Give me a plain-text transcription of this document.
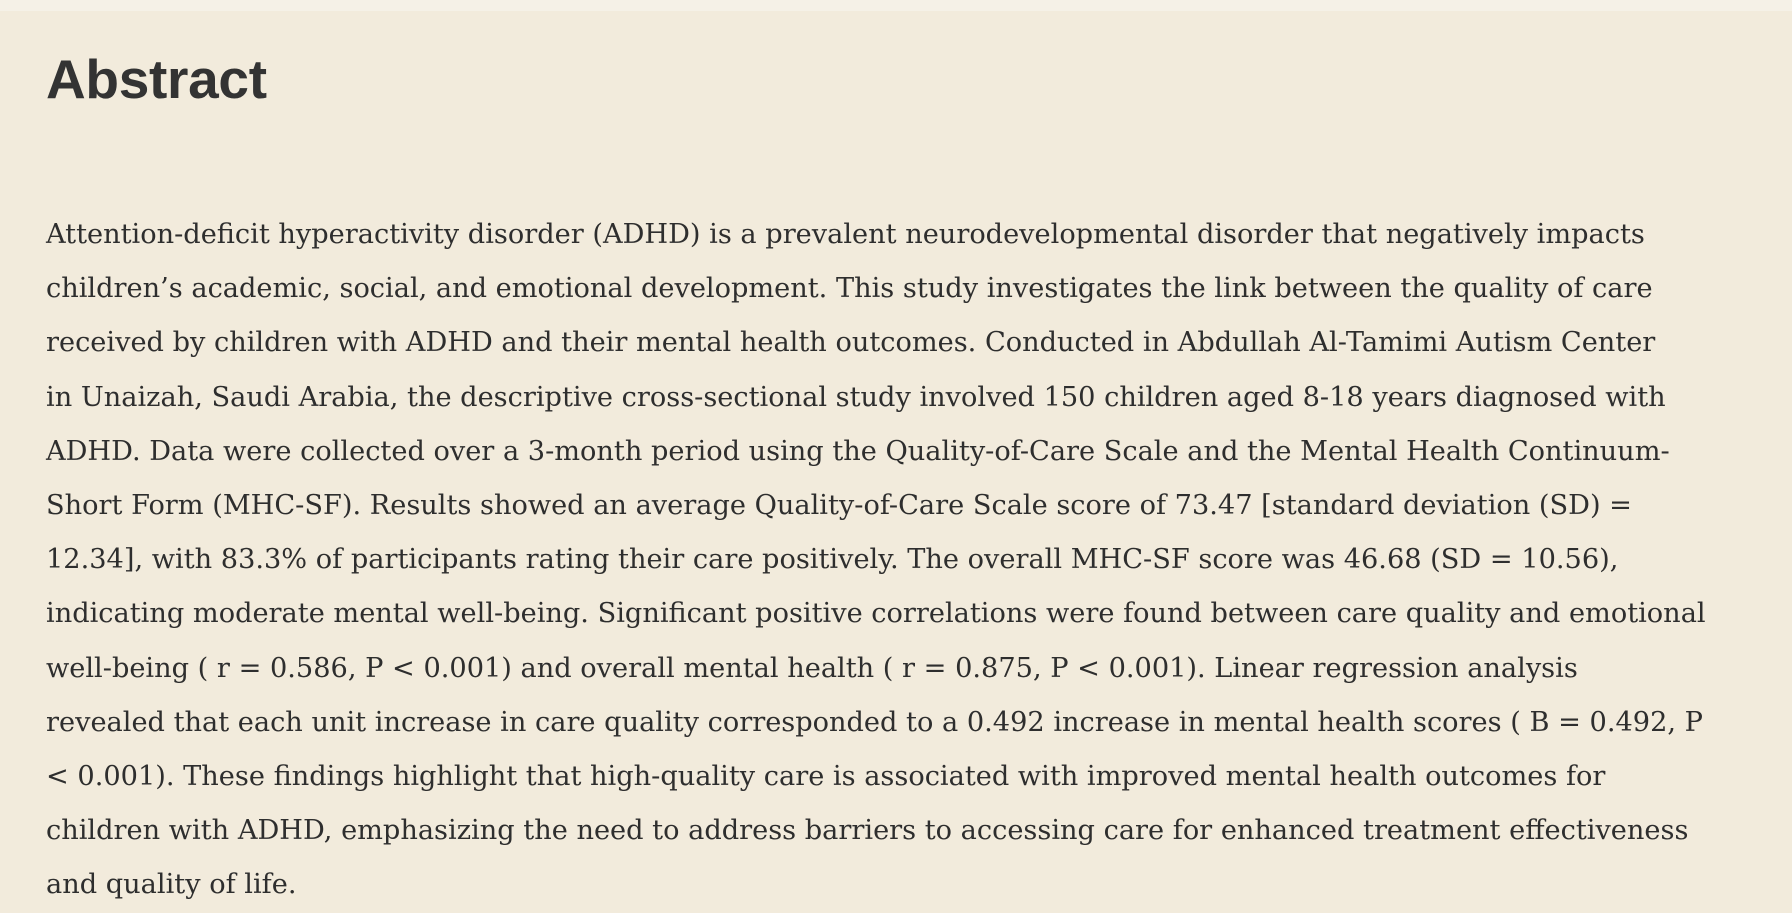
Abstract

Attention-deficit hyperactivity disorder (ADHD) is a prevalent neurodevelopmental disorder that negatively impacts
children’s academic, social, and emotional development. This study investigates the link between the quality of care
received by children with ADHD and their mental health outcomes. Conducted in Abdullah Al-Tamimi Autism Center
in Unaizah, Saudi Arabia, the descriptive cross-sectional study involved 150 children aged 8-18 years diagnosed with
ADHD. Data were collected over a 3-month period using the Quality-of-Care Scale and the Mental Health Continuum-
Short Form (MHC-SF). Results showed an average Quality-of-Care Scale score of 73.47 [standard deviation (SD) =
12.34], with 83.3% of participants rating their care positively. The overall MHC-SF score was 46.68 (SD = 10.56),
indicating moderate mental well-being. Significant positive correlations were found between care quality and emotional
well-being ( r = 0.586, P < 0.001) and overall mental health ( r = 0.875, P < 0.001). Linear regression analysis
revealed that each unit increase in care quality corresponded to a 0.492 increase in mental health scores ( B = 0.492, P
< 0.001). These findings highlight that high-quality care is associated with improved mental health outcomes for
children with ADHD, emphasizing the need to address barriers to accessing care for enhanced treatment effectiveness
and quality of life.
